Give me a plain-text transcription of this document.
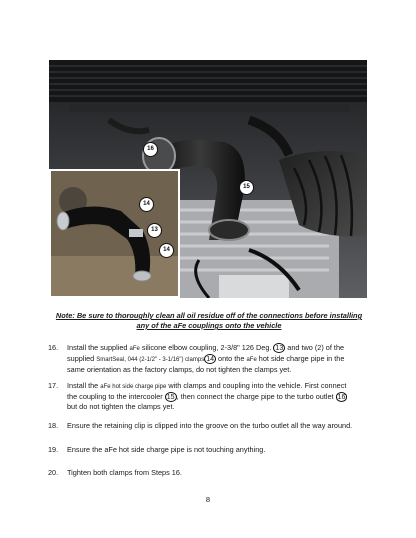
16
15
14
13
14
Note: Be sure to thoroughly clean all oil residue off of the connections before installing
any of the aFe couplings onto the vehicle
16. Install the supplied aFe silicone elbow coupling, 2-3/8" 126 Deg. 13 and two (2) of the
supplied SmartSeal, 044 (2-1/2" - 3-1/16") clamps 14 onto the aFe hot side charge pipe in the
same orientation as the factory clamps, do not tighten the clamps yet.
17. Install the aFe hot side charge pipe with clamps and coupling into the vehicle. First connect
the coupling to the intercooler 15 , then connect the charge pipe to the turbo outlet 16
but do not tighten the clamps yet.
18. Ensure the retaining clip is clipped into the groove on the turbo outlet all the way around.
19. Ensure the aFe hot side charge pipe is not touching anything.
20. Tighten both clamps from Steps 16.
8
